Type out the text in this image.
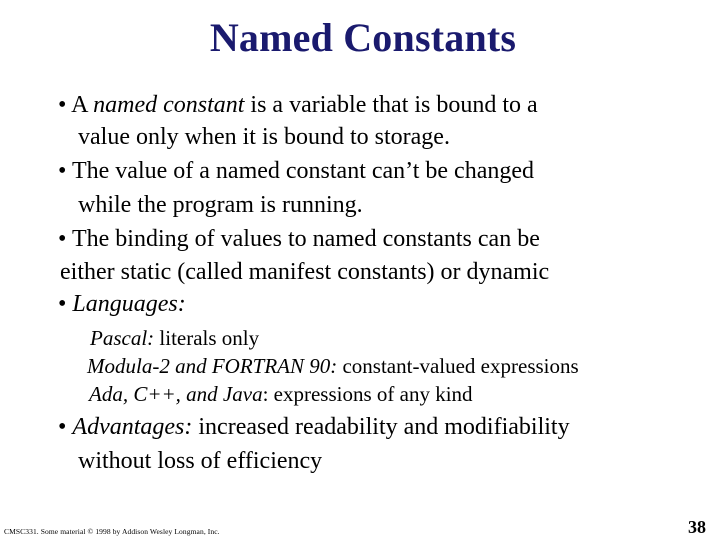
Named Constants
• A named constant is a variable that is bound to a
value only when it is bound to storage.
• The value of a named constant can’t be changed
while the program is running.
• The binding of values to named constants can be
either static (called manifest constants) or dynamic
• Languages:
Pascal: literals only
Modula-2 and FORTRAN 90: constant-valued expressions
Ada, C++, and Java: expressions of any kind
• Advantages: increased readability and modifiability
without loss of efficiency
CMSC331. Some material © 1998 by Addison Wesley Longman, Inc.	38
